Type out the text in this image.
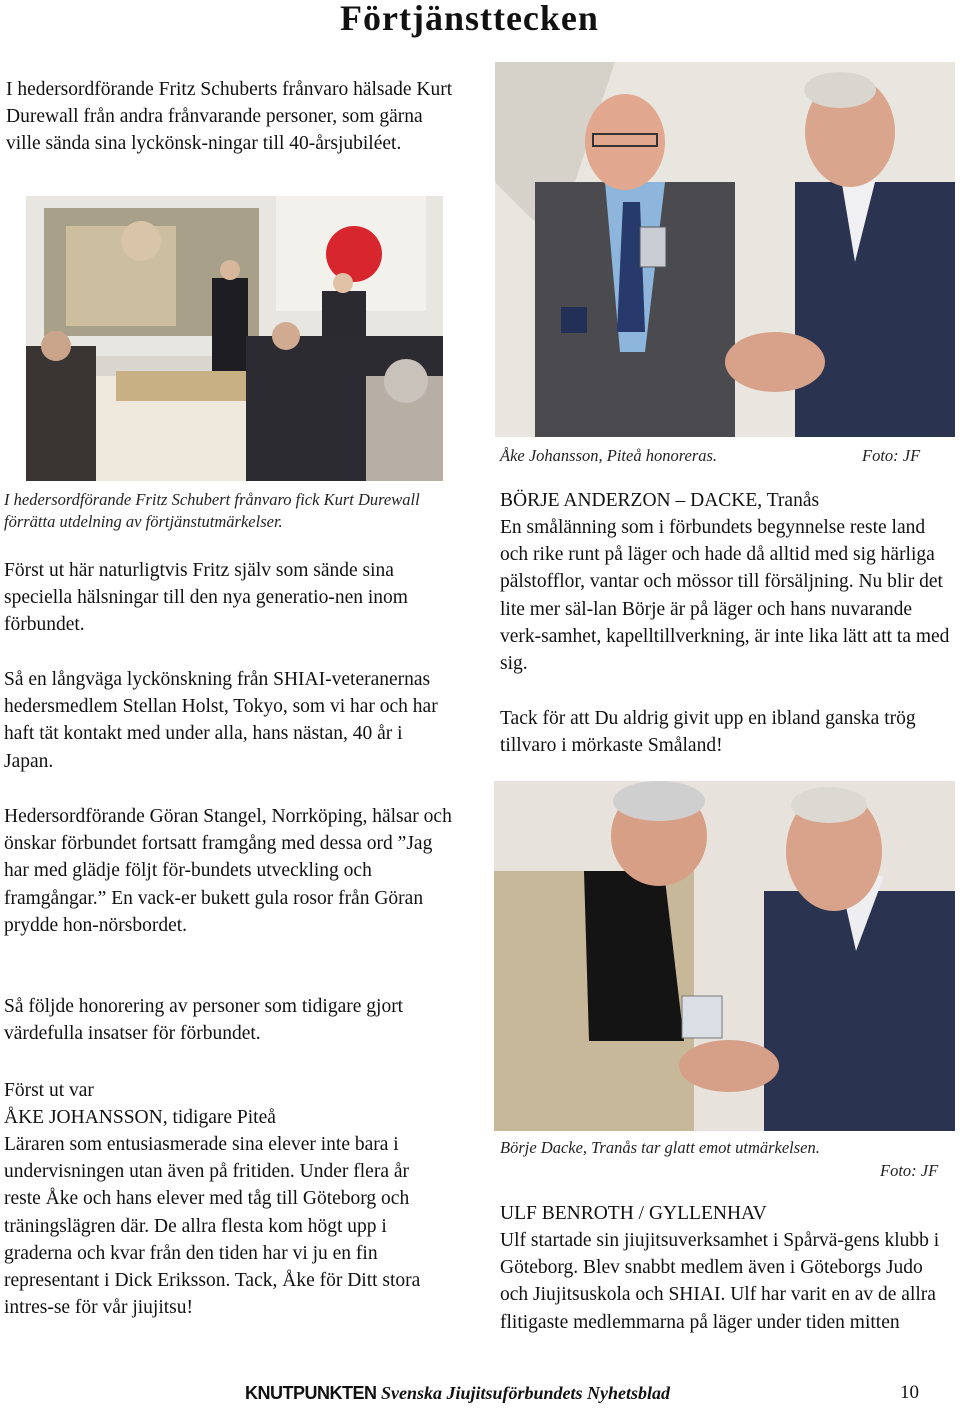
Förtjänsttecken

I hedersordförande Fritz Schuberts frånvaro hälsade Kurt Durewall från andra frånvarande personer, som gärna ville sända sina lyckönsk-ningar till 40-årsjubiléet.

I hedersordförande Fritz Schubert frånvaro fick Kurt Durewall förrätta utdelning av förtjänstutmärkelser.

Först ut här naturligtvis Fritz själv som sände sina speciella hälsningar till den nya generatio-nen inom förbundet.

Så en långväga lyckönskning från SHIAI-veteranernas hedersmedlem Stellan Holst, Tokyo, som vi har och har haft tät kontakt med under alla, hans nästan, 40 år i Japan.

Hedersordförande Göran Stangel, Norrköping, hälsar och önskar förbundet fortsatt framgång med dessa ord ”Jag har med glädje följt för-bundets utveckling och framgångar.” En vack-er bukett gula rosor från Göran prydde hon-nörsbordet.

Så följde honorering av personer som tidigare gjort värdefulla insatser för förbundet.

Först ut var

ÅKE JOHANSSON, tidigare Piteå

Läraren som entusiasmerade sina elever inte bara i undervisningen utan även på fritiden. Under flera år reste Åke och hans elever med tåg till Göteborg och träningslägren där. De allra flesta kom högt upp i graderna och kvar från den tiden har vi ju en fin representant i Dick Eriksson. Tack, Åke för Ditt stora intres-se för vår jiujitsu!

Åke Johansson, Piteå honoreras.	Foto: JF

BÖRJE ANDERZON – DACKE, Tranås

En smålänning som i förbundets begynnelse reste land och rike runt på läger och hade då alltid med sig härliga pälstofflor, vantar och mössor till försäljning. Nu blir det lite mer säl-lan Börje är på läger och hans nuvarande verk-samhet, kapelltillverkning, är inte lika lätt att ta med sig.

Tack för att Du aldrig givit upp en ibland ganska trög tillvaro i mörkaste Småland!

Börje Dacke, Tranås tar glatt emot utmärkelsen.

Foto: JF

ULF BENROTH / GYLLENHAV

Ulf startade sin jiujitsuverksamhet i Spårvä-gens klubb i Göteborg. Blev snabbt medlem även i Göteborgs Judo och Jiujitsuskola och SHIAI. Ulf har varit en av de allra flitigaste medlemmarna på läger under tiden mitten

KNUTPUNKTEN Svenska Jiujitsuförbundets Nyhetsblad	10
